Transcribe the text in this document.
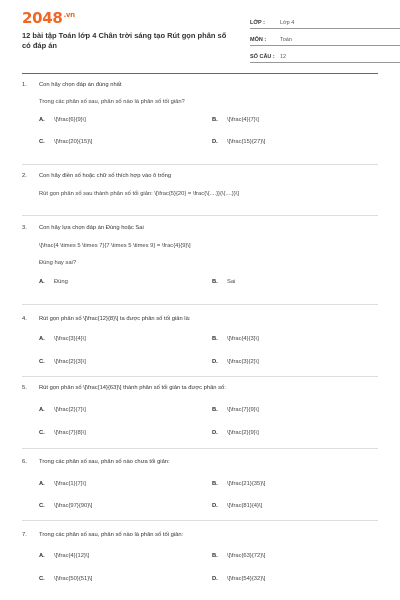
$2048^{.vn}$
12 bài tập Toán lớp 4 Chân trời sáng tạo Rút gọn phân số có đáp án
LỚP :	Lớp 4
MÔN :	Toán
SỐ CÂU : 12
1.	Con hãy chọn đáp án đúng nhất
Trong các phân số sau, phân số nào là phân số tối giản?
A.	\[\frac{6}{9}\]	B.	\[\frac{4}{7}\]
C.	\[\frac{20}{15}\]	D.	\[\frac{15}{27}\]
2.	Con hãy điền số hoặc chữ số thích hợp vào ô trống
Rút gọn phân số sau thành phân số tối giản: \[\frac{5}{20} = \frac{\{....}}{\{....}}\]
3.	Con hãy lựa chọn đáp án Đúng hoặc Sai
\[\frac{4 \times 5 \times 7}{7 \times 5 \times 9} = \frac{4}{9}\]
Đúng hay sai?
A.	Đúng	B.	Sai
4.	Rút gọn phân số \[\frac{12}{8}\] ta được phân số tối giản là:
A.	\[\frac{3}{4}\]	B.	\[\frac{4}{3}\]
C.	\[\frac{2}{3}\]	D.	\[\frac{3}{2}\]
5.	Rút gọn phân số \[\frac{14}{63}\] thành phân số tối giản ta được phân số:
A.	\[\frac{2}{7}\]	B.	\[\frac{7}{9}\]
C.	\[\frac{7}{8}\]	D.	\[\frac{2}{9}\]
6.	Trong các phân số sau, phân số nào chưa tối giản:
A.	\[\frac{1}{7}\]	B.	\[\frac{21}{35}\]
C.	\[\frac{97}{90}\]	D.	\[\frac{81}{4}\]
7.	Trong các phân số sau, phân số nào là phân số tối giản:
A.	\[\frac{4}{12}\]	B.	\[\frac{63}{72}\]
C.	\[\frac{50}{51}\]	D.	\[\frac{54}{32}\]
